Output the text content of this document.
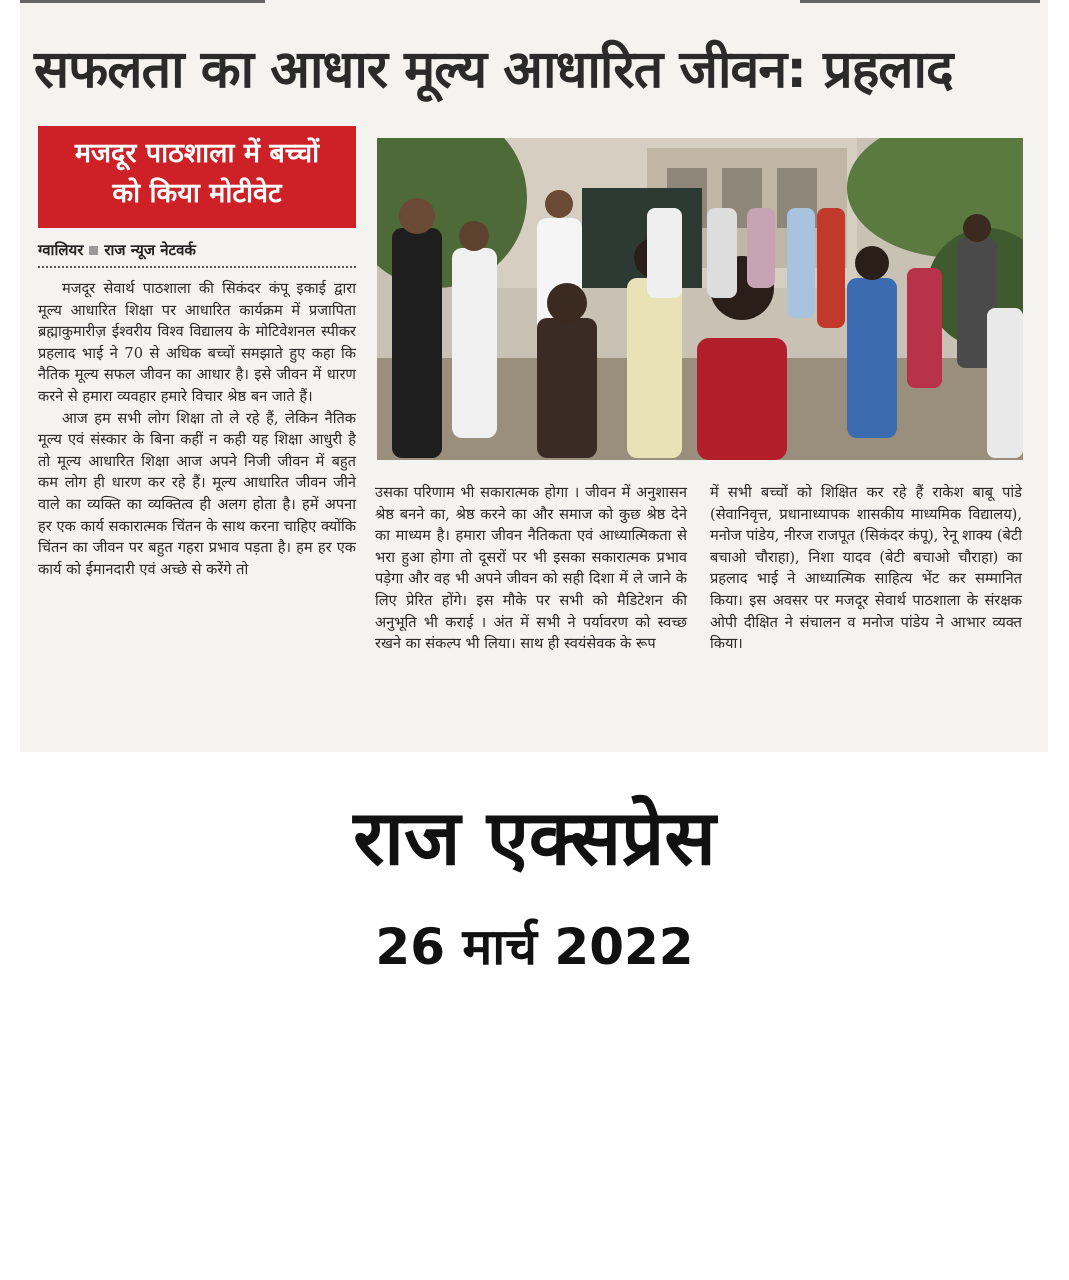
सफलता का आधार मूल्य आधारित जीवन: प्रहलाद
मजदूर पाठशाला में बच्चों
को किया मोटीवेट
ग्वालियर राज न्यूज नेटवर्क

मजदूर सेवार्थ पाठशाला की सिकंदर कंपू इकाई द्वारा मूल्य आधारित शिक्षा पर आधारित कार्यक्रम में प्रजापिता ब्रह्माकुमारीज़ ईश्वरीय विश्व विद्यालय के मोटिवेशनल स्पीकर प्रहलाद भाई ने 70 से अधिक बच्चों समझाते हुए कहा कि नैतिक मूल्य सफल जीवन का आधार है। इसे जीवन में धारण करने से हमारा व्यवहार हमारे विचार श्रेष्ठ बन जाते हैं।

आज हम सभी लोग शिक्षा तो ले रहे हैं, लेकिन नैतिक मूल्य एवं संस्कार के बिना कहीं न कही यह शिक्षा आधुरी है तो मूल्य आधारित शिक्षा आज अपने निजी जीवन में बहुत कम लोग ही धारण कर रहे हैं। मूल्य आधारित जीवन जीने वाले का व्यक्ति का व्यक्तित्व ही अलग होता है। हमें अपना हर एक कार्य सकारात्मक चिंतन के साथ करना चाहिए क्योंकि चिंतन का जीवन पर बहुत गहरा प्रभाव पड़ता है। हम हर एक कार्य को ईमानदारी एवं अच्छे से करेंगे तो

उसका परिणाम भी सकारात्मक होगा । जीवन में अनुशासन श्रेष्ठ बनने का, श्रेष्ठ करने का और समाज को कुछ श्रेष्ठ देने का माध्यम है। हमारा जीवन नैतिकता एवं आध्यात्मिकता से भरा हुआ होगा तो दूसरों पर भी इसका सकारात्मक प्रभाव पड़ेगा और वह भी अपने जीवन को सही दिशा में ले जाने के लिए प्रेरित होंगे। इस मौके पर सभी को मैडिटेशन की अनुभूति भी कराई । अंत में सभी ने पर्यावरण को स्वच्छ रखने का संकल्प भी लिया। साथ ही स्वयंसेवक के रूप

में सभी बच्चों को शिक्षित कर रहे हैं राकेश बाबू पांडे (सेवानिवृत्त, प्रधानाध्यापक शासकीय माध्यमिक विद्यालय), मनोज पांडेय, नीरज राजपूत (सिकंदर कंपू), रेनू शाक्य (बेटी बचाओ चौराहा), निशा यादव (बेटी बचाओ चौराहा) का प्रहलाद भाई ने आध्यात्मिक साहित्य भेंट कर सम्मानित किया। इस अवसर पर मजदूर सेवार्थ पाठशाला के संरक्षक ओपी दीक्षित ने संचालन व मनोज पांडेय ने आभार व्यक्त किया।

राज एक्सप्रेस
26 मार्च 2022
